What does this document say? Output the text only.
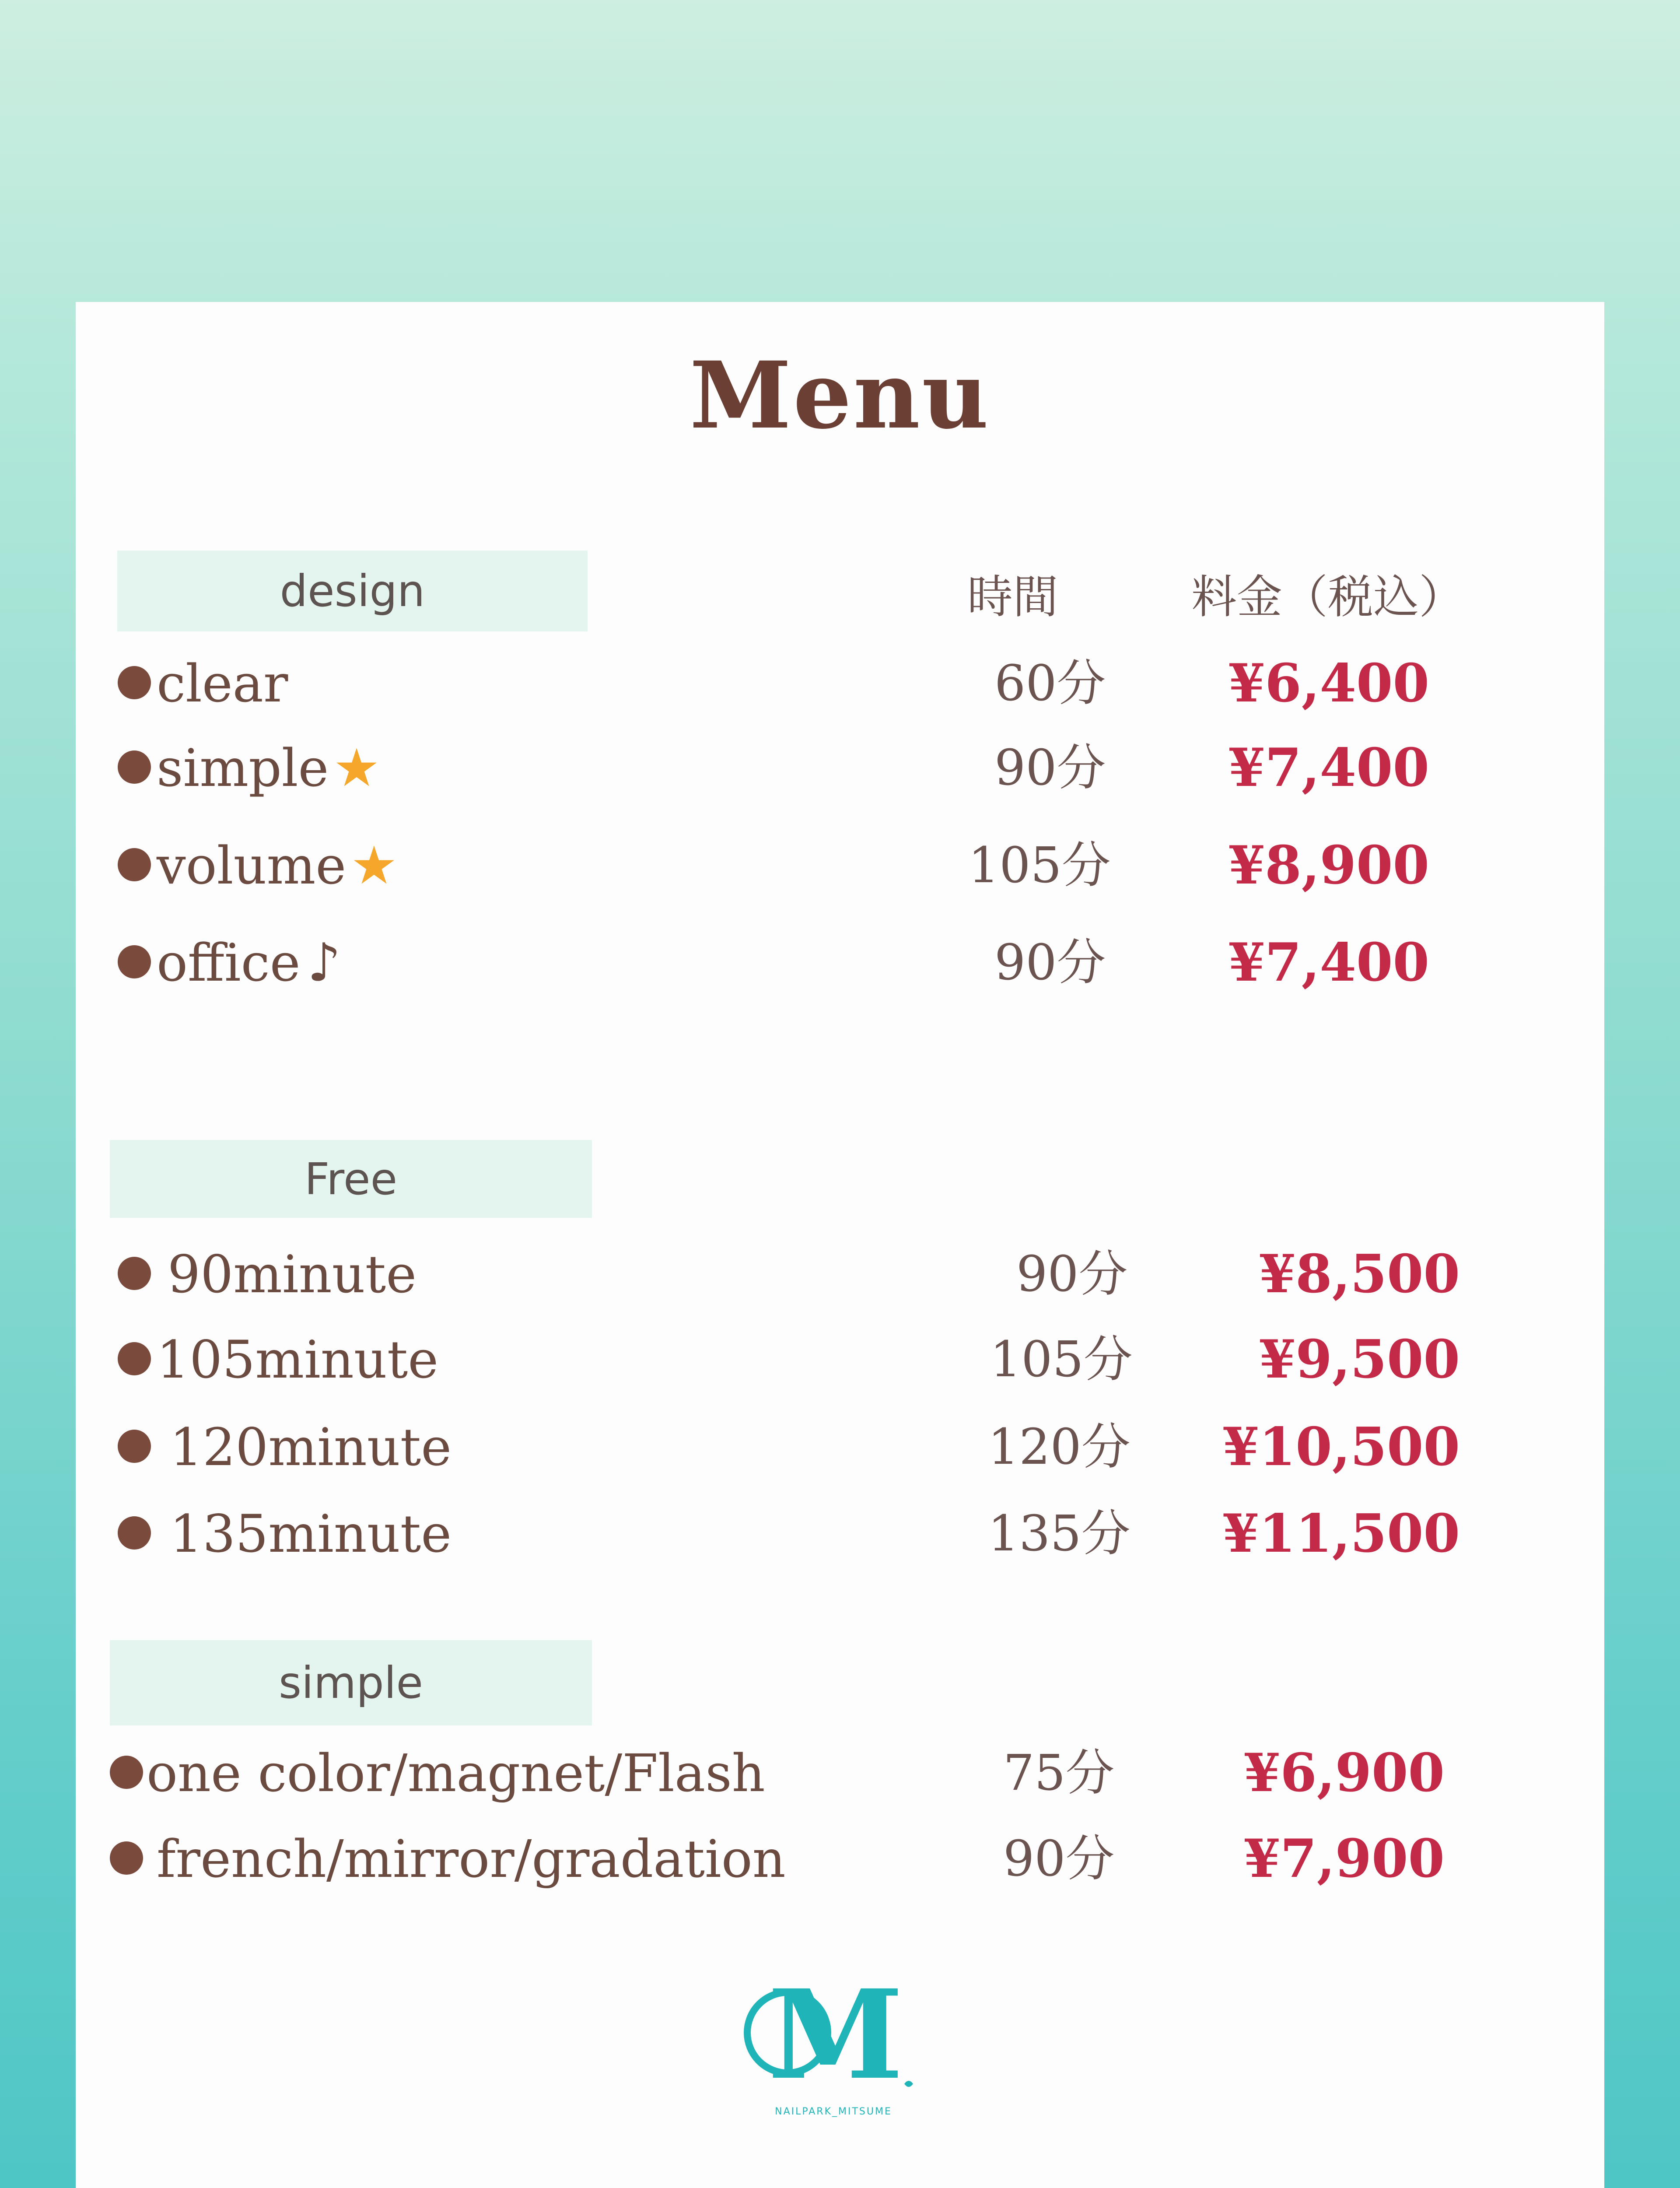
Menu
design	時間	料金（税込）
clear	60分 ¥6,400
simple★	90分 ¥7,400
volume★	105分 ¥8,900
office ♪	90分 ¥7,400
Free
90minute	90分	¥8,500
105minute	105分 ¥9,500
120minute	120分 ¥10,500
135minute	135分 ¥11,500
simple
one color/magnet/Flash	75分 ¥6,900
french/mirror/gradation	90分 ¥7,900
M
NAILPARK_MITSUME
